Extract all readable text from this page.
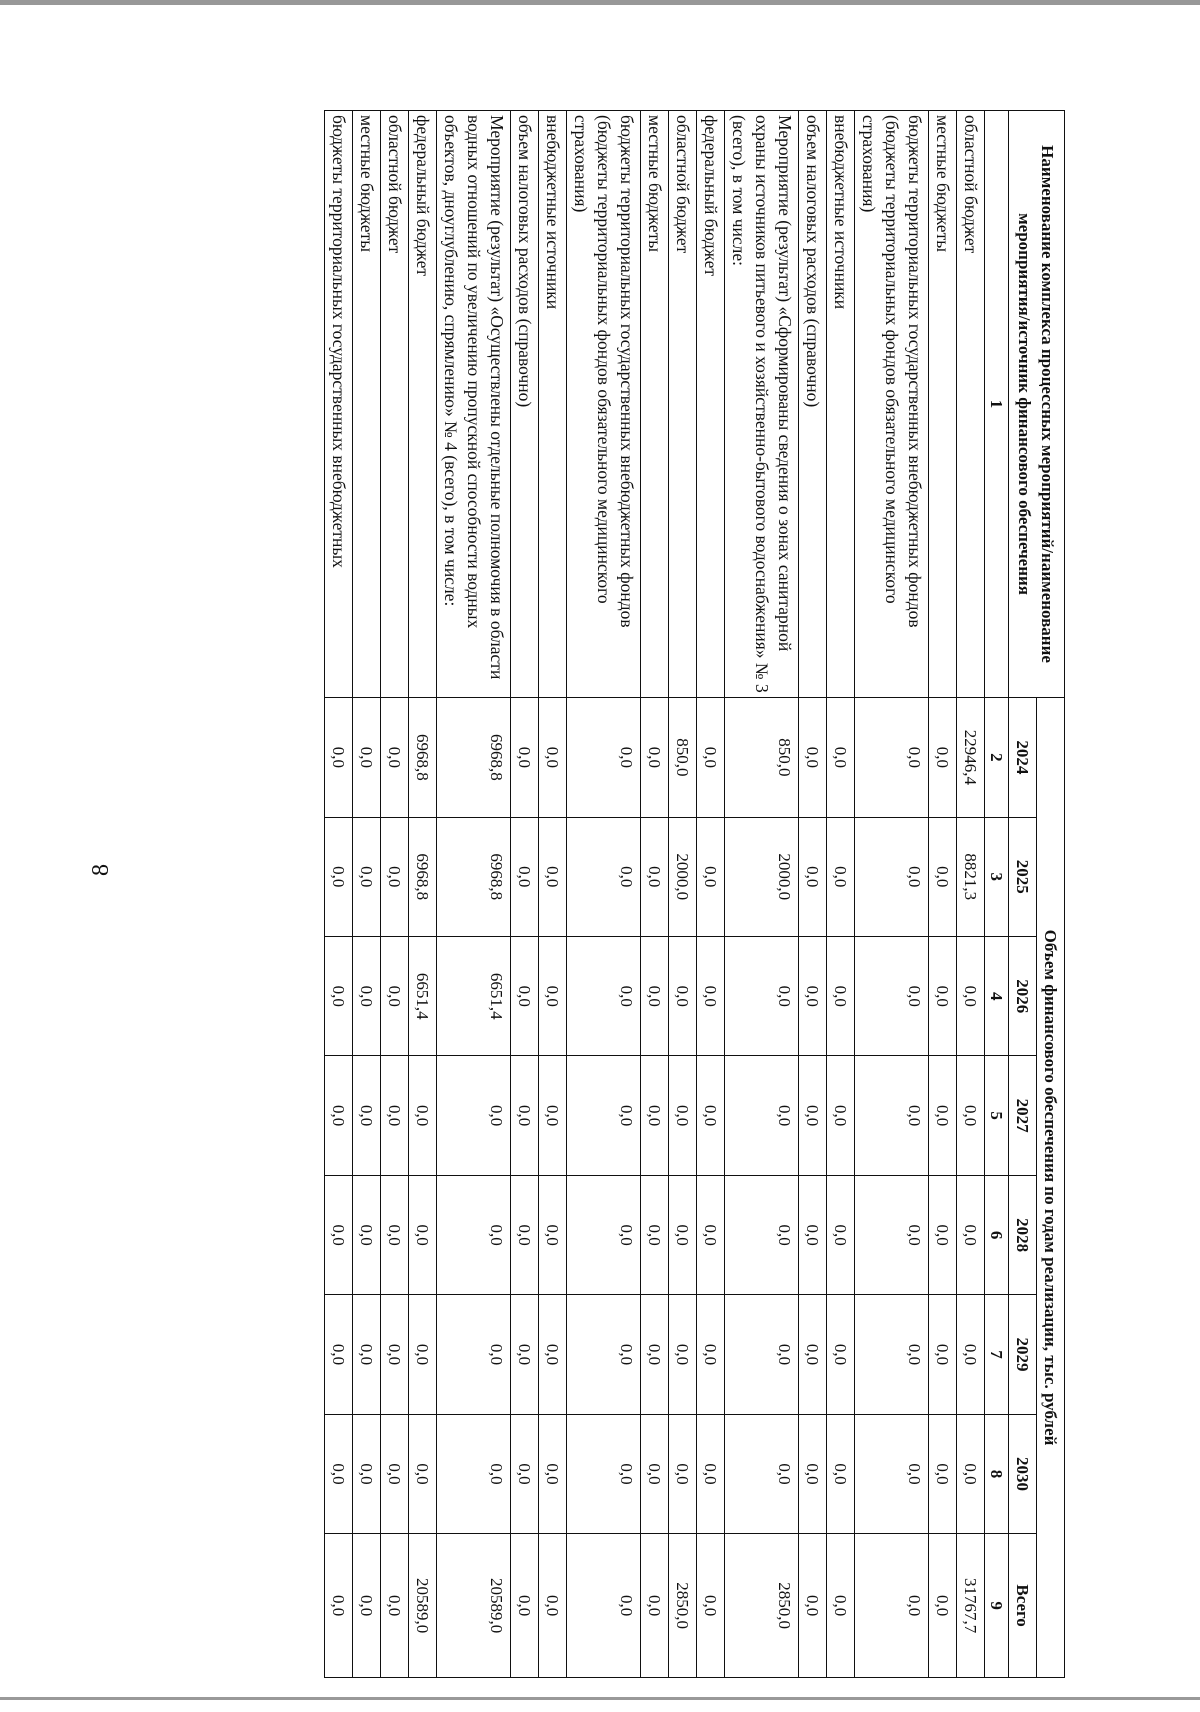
8
Наименование комплекса процессных мероприятий/наименование мероприятия/источник финансового обеспечения	Объем финансового обеспечения по годам реализации, тыс. рублей							
	2024	2025	2026	2027	2028	2029	2030	Всего
1	2	3	4	5	6	7	8	9
областной бюджет	22946,4	8821,3	0,0	0,0	0,0	0,0	0,0	31767,7
местные бюджеты	0,0	0,0	0,0	0,0	0,0	0,0	0,0	0,0
бюджеты территориальных государственных внебюджетных фондов (бюджеты территориальных фондов обязательного медицинского страхования)	0,0	0,0	0,0	0,0	0,0	0,0	0,0	0,0
внебюджетные источники	0,0	0,0	0,0	0,0	0,0	0,0	0,0	0,0
объем налоговых расходов (справочно)	0,0	0,0	0,0	0,0	0,0	0,0	0,0	0,0
Мероприятие (результат) «Сформированы сведения о зонах санитарной охраны источников питьевого и хозяйственно-бытового водоснабжения» № 3 (всего), в том числе:	850,0	2000,0	0,0	0,0	0,0	0,0	0,0	2850,0
федеральный бюджет	0,0	0,0	0,0	0,0	0,0	0,0	0,0	0,0
областной бюджет	850,0	2000,0	0,0	0,0	0,0	0,0	0,0	2850,0
местные бюджеты	0,0	0,0	0,0	0,0	0,0	0,0	0,0	0,0
бюджеты территориальных государственных внебюджетных фондов (бюджеты территориальных фондов обязательного медицинского страхования)	0,0	0,0	0,0	0,0	0,0	0,0	0,0	0,0
внебюджетные источники	0,0	0,0	0,0	0,0	0,0	0,0	0,0	0,0
объем налоговых расходов (справочно)	0,0	0,0	0,0	0,0	0,0	0,0	0,0	0,0
Мероприятие (результат) «Осуществлены отдельные полномочия в области водных отношений по увеличению пропускной способности водных объектов, дноуглублению, спрямлению» № 4 (всего), в том числе:	6968,8	6968,8	6651,4	0,0	0,0	0,0	0,0	20589,0
федеральный бюджет	6968,8	6968,8	6651,4	0,0	0,0	0,0	0,0	20589,0
областной бюджет	0,0	0,0	0,0	0,0	0,0	0,0	0,0	0,0
местные бюджеты	0,0	0,0	0,0	0,0	0,0	0,0	0,0	0,0
бюджеты территориальных государственных внебюджетных	0,0	0,0	0,0	0,0	0,0	0,0	0,0	0,0
